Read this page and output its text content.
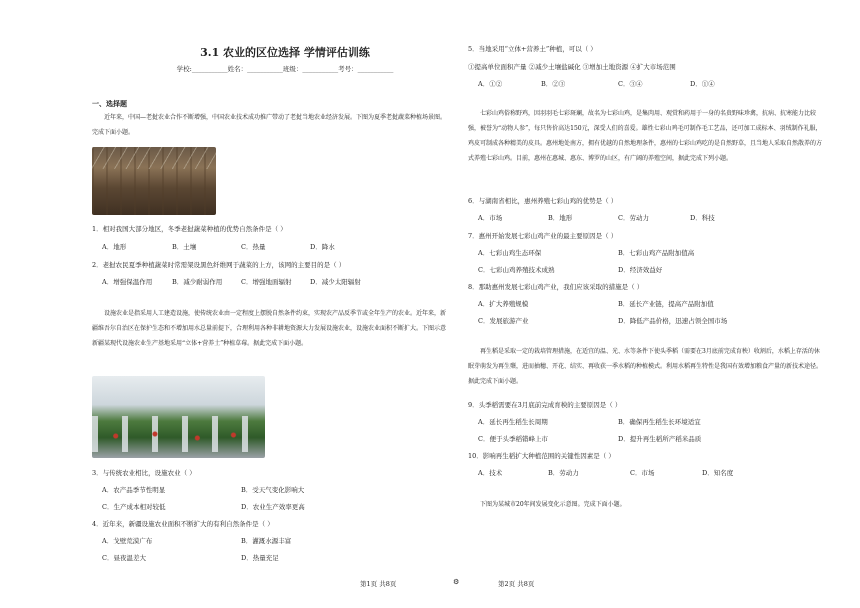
3.1 农业的区位选择 学情评估训练
学校:___________姓名：___________班级：___________考号：___________
一、选择题
近年来，中国—老挝农业合作不断增强，中国农业技术成功推广带动了老挝当地农业经济发展。下图为夏季老挝蔬菜种植场景图。完成下面小题。
1．相对我国大部分地区，冬季老挝蔬菜种植的优势自然条件是（ ）
A．地形	B．土壤	C．热量	D．降水
2．老挝农民夏季种植蔬菜时常需架设黑色纤维网于蔬菜的上方，该网的主要目的是（ ）
A．增强保温作用	B．减少耐弱作用	C．增强地面辐射	D．减少太阳辐射
设施农业是指采用人工建造设施，使传统农业由一定程度上摆脱自然条件约束，实现农产品反季节或全年生产的农业。近年来，新疆维吾尔自治区在保护生态和不增加用水总量前提下，合理利用各种非耕地资源大力发展设施农业，设施农业面积不断扩大。下图示意新疆某现代设施农业生产基地采用“立体+营养土”种植草莓。据此完成下面小题。
3．与传统农业相比，设施农业（ ）
A．农产品季节性明显	B．受天气变化影响大
C．生产成本相对较低	D．农业生产效率更高
4．近年来，新疆设施农业面积不断扩大的有利自然条件是（ ）
A．戈壁荒漠广布	B．灌溉水源丰富
C．昼夜温差大	D．热量充足
5．当地采用“立体+营养土”种植，可以（ ）
①提高单位面积产量 ②减少土壤盐碱化 ③增加土地资源 ④扩大市场范围
A．①②	B．②③	C．③④	D．①④
七彩山鸡俗称野鸡，因羽羽毛七彩斑斓，故名为七彩山鸡，是集肉用、观赏和药用于一身的名贵野味珍禽，抗病、抗寒能力比较强，被誉为“动物人参”，每只售价高达150元，深受人们的喜爱。雄性七彩山鸡毛可制作毛工艺品，还可加工成标本、羽绒制作礼服，鸡皮可制成各种精美的皮具。惠州地处南方，拥有优越的自然地理条件，惠州的七彩山鸡吃的是自然野草，且当地人采取自然散养的方式养殖七彩山鸡。目前，惠州在惠城、惠东、博罗的山区，有广阔的养殖空间，据此完成下列小题。
6．与湖南省相比，惠州养殖七彩山鸡的优势是（ ）
A．市场	B．地形	C．劳动力	D．科技
7．惠州开始发展七彩山鸡产业的最主要原因是（ ）
A．七彩山鸡生态环保	B．七彩山鸡产品附加值高
C．七彩山鸡养殖技术成熟	D．经济效益好
8．那助惠州发展七彩山鸡产业，我们应该采取的措施是（ ）
A．扩大养殖规模	B．延长产业链，提高产品附加值
C．发展旅游产业	D．降低产品价格，迅速占领全国市场
再生稻是采取一定的栽培管理措施，在适宜的温、光、水等条件下使头季稻（需要在3月底前完成育秧）收割后，水稻上存活的休眠芽萌发为再生蘖，进而抽穗、开花、结实、再收获一季水稻的种植模式。利用水稻再生特性是我国有效增加粮食产量的新技术途径。据此完成下面小题。
9．头季稻需要在3月底前完成育秧的主要原因是（ ）
A．延长再生稻生长周期	B．确保再生稻生长环境适宜
C．便于头季稻错峰上市	D．提升再生稻所产稻米品质
10．影响再生稻扩大种植范围的关键性因素是（ ）
A．技术	B．劳动力	C．市场	D．知名度
下图为某城市20年间发展变化示意图。完成下面小题。
第1页 共8页	⚙	第2页 共8页
